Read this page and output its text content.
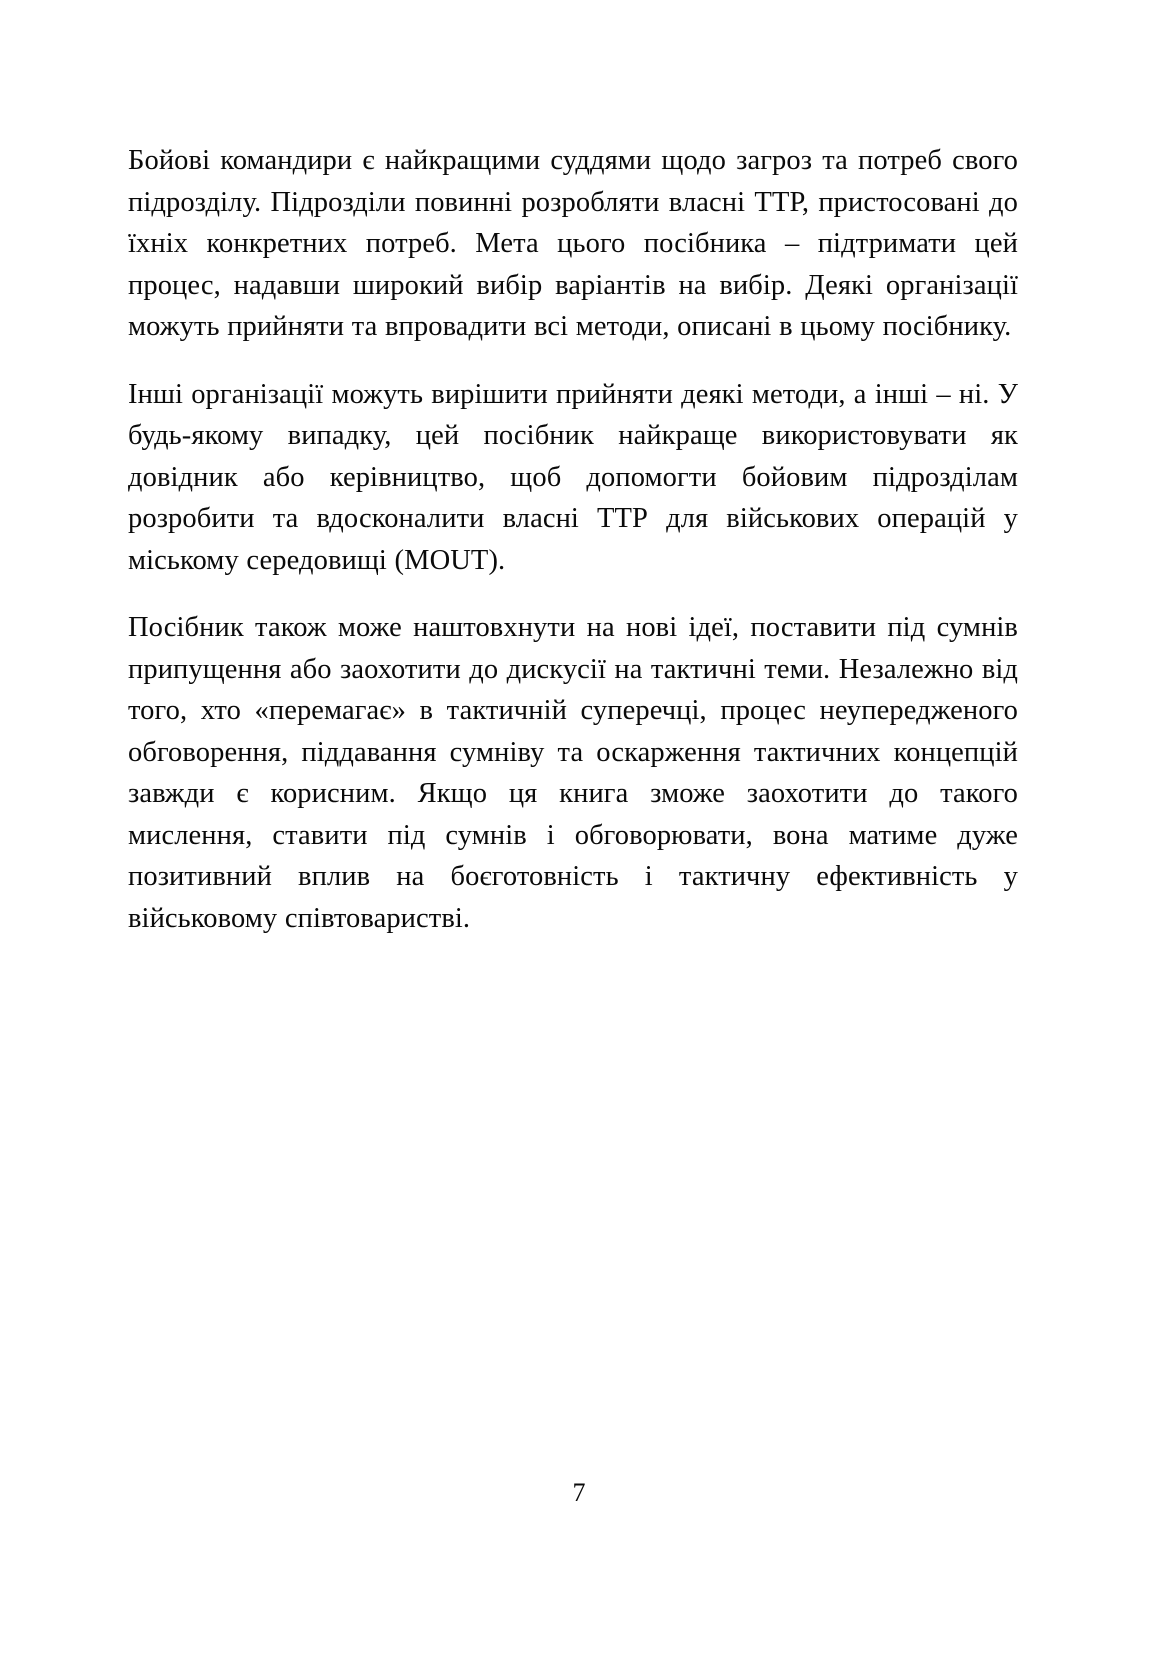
Бойові командири є найкращими суддями щодо загроз та потреб свого підрозділу. Підрозділи повинні розробляти власні ТТР, пристосовані до їхніх конкретних потреб. Мета цього посібника – підтримати цей процес, надавши широкий вибір варіантів на вибір. Деякі організації можуть прийняти та впровадити всі методи, описані в цьому посібнику.

Інші організації можуть вирішити прийняти деякі методи, а інші – ні. У будь-якому випадку, цей посібник найкраще використовувати як довідник або керівництво, щоб допомогти бойовим підрозділам розробити та вдосконалити власні ТТР для військових операцій у міському середовищі (MOUT).

Посібник також може наштовхнути на нові ідеї, поставити під сумнів припущення або заохотити до дискусії на тактичні теми. Незалежно від того, хто «перемагає» в тактичній суперечці, процес неупередженого обговорення, піддавання сумніву та оскарження тактичних концепцій завжди є корисним. Якщо ця книга зможе заохотити до такого мислення, ставити під сумнів і обговорювати, вона матиме дуже позитивний вплив на боєготовність і тактичну ефективність у військовому співтоваристві.

7
